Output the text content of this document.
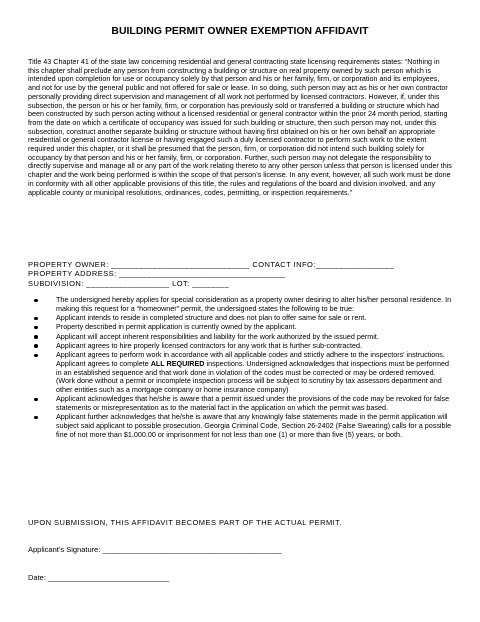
BUILDING PERMIT OWNER EXEMPTION AFFIDAVIT
Title 43 Chapter 41 of the state law concerning residential and general contracting state licensing requirements states: “Nothing in this chapter shall preclude any person from constructing a building or structure on real property owned by such person which is intended upon completion for use or occupancy solely by that person and his or her family, firm, or corporation and its employees, and not for use by the general public and not offered for sale or lease. In so doing, such person may act as his or her own contractor personally providing direct supervision and management of all work not performed by licensed contractors. However, if, under this subsection, the person or his or her family, firm, or corporation has previously sold or transferred a building or structure which had been constructed by such person acting without a licensed residential or general contractor within the prior 24 month period, starting from the date on which a certificate of occupancy was issued for such building or structure, then such person may not, under this subsection, construct another separate building or structure without having first obtained on his or her own behalf an appropriate residential or general contractor license or having engaged such a duly licensed contractor to perform such work to the extent required under this chapter, or it shall be presumed that the person, firm, or corporation did not intend such building solely for occupancy by that person and his or her family, firm, or corporation. Further, such person may not delegate the responsibility to directly supervise and manage all or any part of the work relating thereto to any other person unless that person is licensed under this chapter and the work being performed is within the scope of that person’s license. In any event, however, all such work must be done in conformity with all other applicable provisions of this title, the rules and regulations of the board and division involved, and any applicable county or municipal resolutions, ordinances, codes, permitting, or inspection requirements.”
PROPERTY OWNER: ______________________________ CONTACT INFO:_________________
PROPERTY ADDRESS: ____________________________________
SUBDIVISION: __________________ LOT: ________
The undersigned hereby applies for special consideration as a property owner desiring to alter his/her personal residence. In making this request for a “homeowner” permit, the undersigned states the following to be true:
Applicant intends to reside in completed structure and does not plan to offer same for sale or rent.
Property described in permit application is currently owned by the applicant.
Applicant will accept inherent responsibilities and liability for the work authorized by the issued permit.
Applicant agrees to hire properly licensed contractors for any work that is further sub-contracted.
Applicant agrees to perform work in accordance with all applicable codes and strictly adhere to the inspectors’ instructions. Applicant agrees to complete ALL REQUIRED inspections. Undersigned acknowledges that inspections must be performed in an established sequence and that work done in violation of the codes must be corrected or may be ordered removed. (Work done without a permit or incomplete inspection process will be subject to scrutiny by tax assessors department and other entities such as a mortgage company or home insurance company)
Applicant acknowledges that he/she is aware that a permit issued under the provisions of the code may be revoked for false statements or misrepresentation as to the material fact in the application on which the permit was based.
Applicant further acknowledges that he/she is aware that any knowingly false statements made in the permit application will subject said applicant to possible prosecution. Georgia Criminal Code, Section 26-2402 (False Swearing) calls for a possible fine of not more than $1,000.00 or imprisonment for not less than one (1) or more than five (5) years, or both.
UPON SUBMISSION, THIS AFFIDAVIT BECOMES PART OF THE ACTUAL PERMIT.
Applicant’s Signature: ___________________________________________
Date: _____________________________
